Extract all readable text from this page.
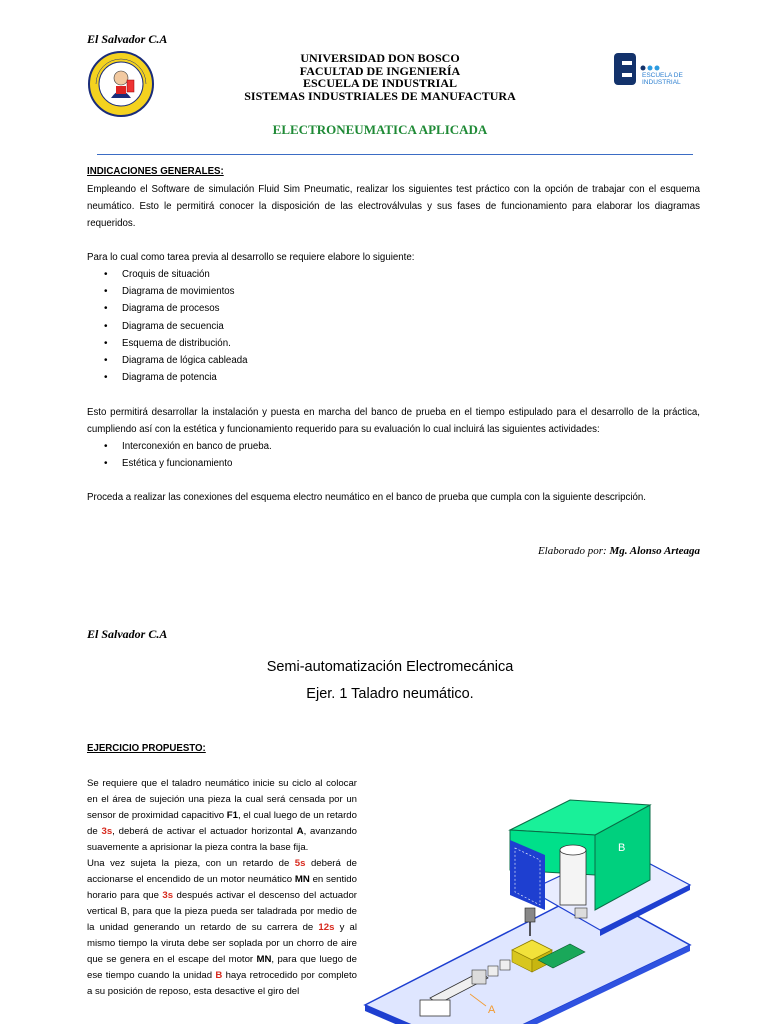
El Salvador C.A
UNIVERSIDAD DON BOSCO
FACULTAD DE INGENIERÍA
ESCUELA DE INDUSTRIAL
SISTEMAS INDUSTRIALES DE MANUFACTURA
ESCUELA DE
INDUSTRIAL
ELECTRONEUMATICA APLICADA
INDICACIONES GENERALES:
Empleando el Software de simulación Fluid Sim Pneumatic, realizar los siguientes test práctico con la opción de trabajar con el esquema neumático. Esto le permitirá conocer la disposición de las electroválvulas y sus fases de funcionamiento para elaborar los diagramas requeridos.
Para lo cual como tarea previa al desarrollo se requiere elabore lo siguiente:
• Croquis de situación
• Diagrama de movimientos
• Diagrama de procesos
• Diagrama de secuencia
• Esquema de distribución.
• Diagrama de lógica cableada
• Diagrama de potencia
Esto permitirá desarrollar la instalación y puesta en marcha del banco de prueba en el tiempo estipulado para el desarrollo de la práctica, cumpliendo así con la estética y funcionamiento requerido para su evaluación lo cual incluirá las siguientes actividades:
• Interconexión en banco de prueba.
• Estética y funcionamiento
Proceda a realizar las conexiones del esquema electro neumático en el banco de prueba que cumpla con la siguiente descripción.
Elaborado por: Mg. Alonso Arteaga
El Salvador C.A
Semi-automatización Electromecánica
Ejer. 1 Taladro neumático.
EJERCICIO PROPUESTO:
Se requiere que el taladro neumático inicie su ciclo al colocar en el área de sujeción una pieza la cual será censada por un sensor de proximidad capacitivo F1, el cual luego de un retardo de 3s, deberá de activar el actuador horizontal A, avanzando suavemente a aprisionar la pieza contra la base fija.
Una vez sujeta la pieza, con un retardo de 5s deberá de accionarse el encendido de un motor neumático MN en sentido horario para que 3s después activar el descenso del actuador vertical B, para que la pieza pueda ser taladrada por medio de la unidad generando un retardo de su carrera de 12s y al mismo tiempo la viruta debe ser soplada por un chorro de aire que se genera en el escape del motor MN, para que luego de ese tiempo cuando la unidad B haya retrocedido por completo a su posición de reposo, esta desactive el giro del
B
A
